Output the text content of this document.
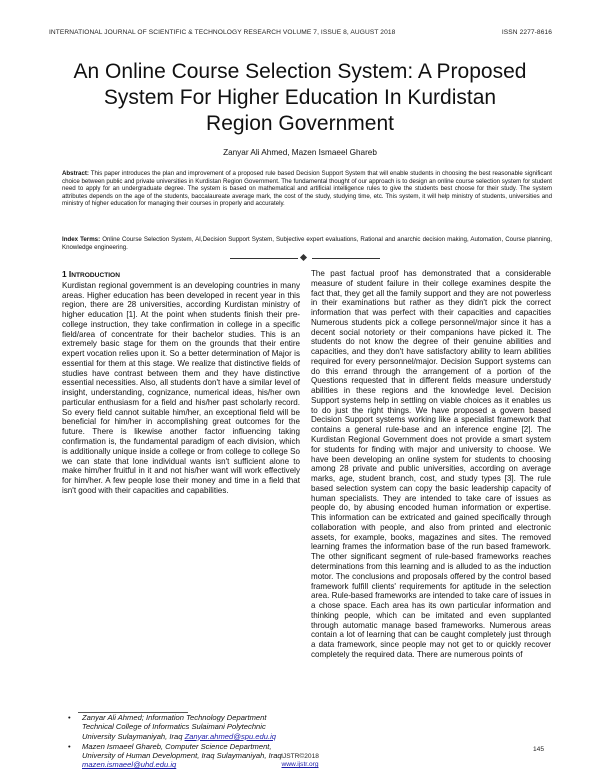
INTERNATIONAL JOURNAL OF SCIENTIFIC & TECHNOLOGY RESEARCH VOLUME 7, ISSUE 8, AUGUST 2018	ISSN 2277-8616
An Online Course Selection System: A Proposed
System For Higher Education In Kurdistan
Region Government
Zanyar Ali Ahmed, Mazen Ismaeel Ghareb
Abstract: This paper introduces the plan and improvement of a proposed rule based Decision Support System that will enable students in choosing the best reasonable significant choice between public and private universities in Kurdistan Region Government. The fundamental thought of our approach is to design an online course selection system for student need to apply for an undergraduate degree. The system is based on mathematical and artificial intelligence rules to give the students best choose for their study. The system attributes depends on the age of the students, baccalaureate average mark, the cost of the study, studying time, etc. This system, it will help ministry of students, universities and ministry of higher education for managing their courses in properly and accurately.
Index Terms: Online Course Selection System, AI,Decision Support System, Subjective expert evaluations, Rational and anarchic decision making, Automation, Course planning, Knowledge engineering.
1 INTRODUCTION

Kurdistan regional government is an developing countries in many areas. Higher education has been developed in recent year in this region, there are 28 universities, according Kurdistan ministry of higher education [1]. At the point when students finish their pre-college instruction, they take confirmation in college in a specific field/area of concentrate for their bachelor studies. This is an extremely basic stage for them on the grounds that their entire expert vocation relies upon it. So a better determination of Major is essential for them at this stage. We realize that distinctive fields of studies have contrast between them and they have distinctive essential necessities. Also, all students don't have a similar level of insight, understanding, cognizance, numerical ideas, his/her own particular enthusiasm for a field and his/her past scholarly record. So every field cannot suitable him/her, an exceptional field will be beneficial for him/her in accomplishing great outcomes for the future. There is likewise another factor influencing taking confirmation is, the fundamental paradigm of each division, which is additionally unique inside a college or from college to college So we can state that lone individual wants isn't sufficient alone to make him/her fruitful in it and not his/her want will work effectively for him/her. A few people lose their money and time in a field that isn't good with their capacities and capabilities.

The past factual proof has demonstrated that a considerable measure of student failure in their college examines despite the fact that, they get all the family support and they are not powerless in their examinations but rather as they didn't pick the correct information that was perfect with their capacities and capacities Numerous students pick a college personnel/major since it has a decent social notoriety or their companions have picked it. The students do not know the degree of their genuine abilities and capacities, and they don't have satisfactory ability to learn abilities required for every personnel/major. Decision Support systems can do this errand through the arrangement of a portion of the Questions requested that in different fields measure understudy abilities in these regions and the knowledge level. Decision Support systems help in settling on viable choices as it enables us to do just the right things. We have proposed a govern based Decision Support systems working like a specialist framework that contains a general rule-base and an inference engine [2]. The Kurdistan Regional Government does not provide a smart system for students for finding with major and university to choose. We have been developing an online system for students to choosing among 28 private and public universities, according on average marks, age, student branch, cost, and study types [3]. The rule based selection system can copy the basic leadership capacity of human specialists. They are intended to take care of issues as people do, by abusing encoded human information or expertise. This information can be extricated and gained specifically through collaboration with people, and also from printed and electronic assets, for example, books, magazines and sites. The removed learning frames the information base of the run based framework. The other significant segment of rule-based frameworks reaches determinations from this learning and is alluded to as the induction motor. The conclusions and proposals offered by the control based framework fulfill clients' requirements for aptitude in the selection area. Rule-based frameworks are intended to take care of issues in a chose space. Each area has its own particular information and thinking people, which can be imitated and even supplanted through automatic manage based frameworks. Numerous areas contain a lot of learning that can be caught completely just through a data framework, since people may not get to or quickly recover completely the required data. There are numerous points of

•	Zanyar Ali Ahmed; Information Technology Department Technical College of Informatics Sulaimani Polytechnic University Sulaymaniyah, Iraq Zanyar.ahmed@spu.edu.iq
•	Mazen Ismaeel Ghareb, Computer Science Department, University of Human Development, Iraq Sulaymaniyah, Iraq mazen.ismaeel@uhd.edu.iq
145
IJSTR©2018
www.ijstr.org
